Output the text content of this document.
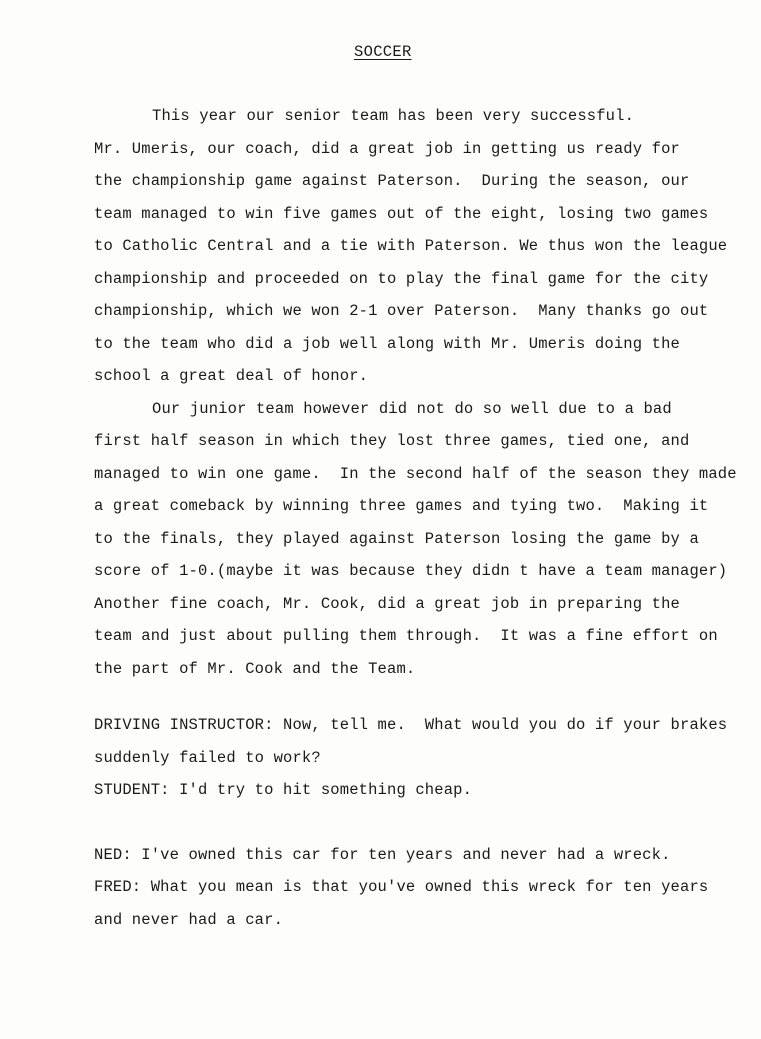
SOCCER
This year our senior team has been very successful.
Mr. Umeris, our coach, did a great job in getting us ready for
the championship game against Paterson.  During the season, our
team managed to win five games out of the eight, losing two games
to Catholic Central and a tie with Paterson. We thus won the league
championship and proceeded on to play the final game for the city
championship, which we won 2-1 over Paterson.  Many thanks go out
to the team who did a job well along with Mr. Umeris doing the
school a great deal of honor.
Our junior team however did not do so well due to a bad
first half season in which they lost three games, tied one, and
managed to win one game.  In the second half of the season they made
a great comeback by winning three games and tying two.  Making it
to the finals, they played against Paterson losing the game by a
score of 1-0.(maybe it was because they didn t have a team manager)
Another fine coach, Mr. Cook, did a great job in preparing the
team and just about pulling them through.  It was a fine effort on
the part of Mr. Cook and the Team.
DRIVING INSTRUCTOR: Now, tell me.  What would you do if your brakes
suddenly failed to work?
STUDENT: I'd try to hit something cheap.
NED: I've owned this car for ten years and never had a wreck.
FRED: What you mean is that you've owned this wreck for ten years
and never had a car.
